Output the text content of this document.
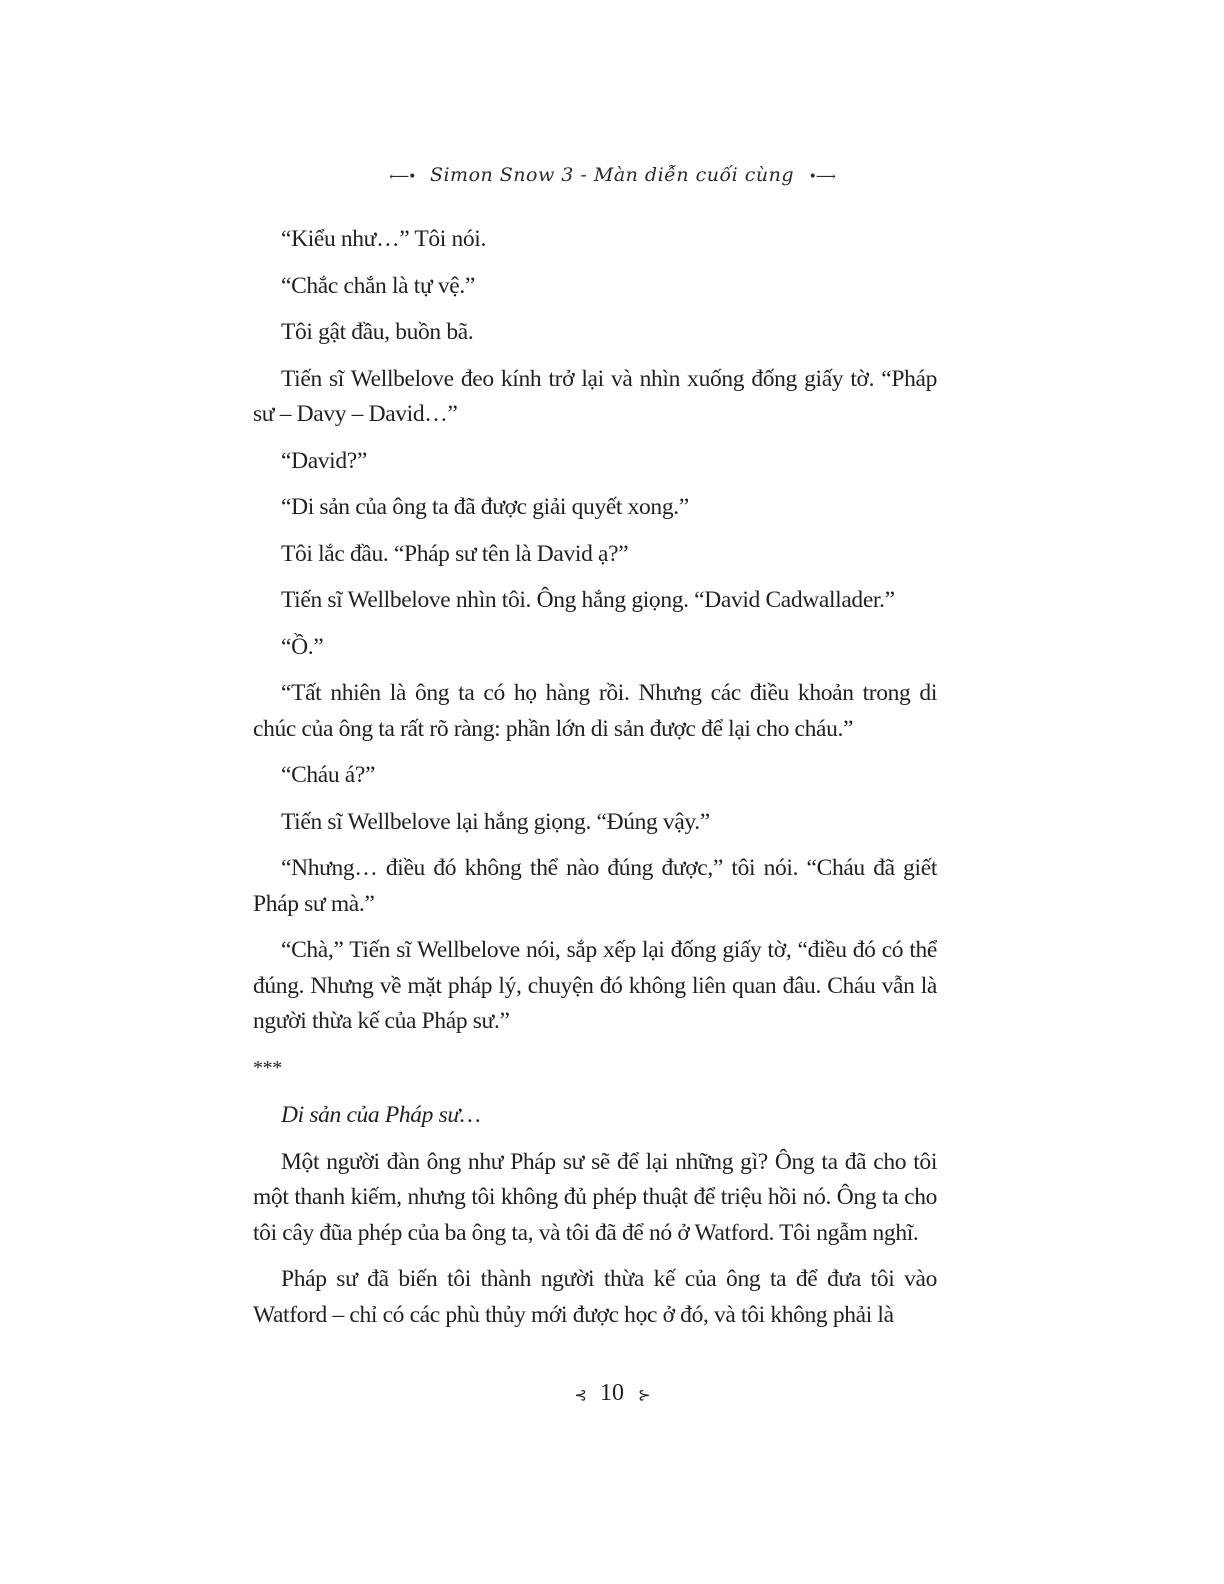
⟵• Simon Snow 3 - Màn diễn cuối cùng •⟶

“Kiểu như…” Tôi nói.

“Chắc chắn là tự vệ.”

Tôi gật đầu, buồn bã.

Tiến sĩ Wellbelove đeo kính trở lại và nhìn xuống đống giấy tờ. “Pháp sư – Davy – David…”

“David?”

“Di sản của ông ta đã được giải quyết xong.”

Tôi lắc đầu. “Pháp sư tên là David ạ?”

Tiến sĩ Wellbelove nhìn tôi. Ông hắng giọng. “David Cadwallader.”

“Ồ.”

“Tất nhiên là ông ta có họ hàng rồi. Nhưng các điều khoản trong di chúc của ông ta rất rõ ràng: phần lớn di sản được để lại cho cháu.”

“Cháu á?”

Tiến sĩ Wellbelove lại hắng giọng. “Đúng vậy.”

“Nhưng… điều đó không thể nào đúng được,” tôi nói. “Cháu đã giết Pháp sư mà.”

“Chà,” Tiến sĩ Wellbelove nói, sắp xếp lại đống giấy tờ, “điều đó có thể đúng. Nhưng về mặt pháp lý, chuyện đó không liên quan đâu. Cháu vẫn là người thừa kế của Pháp sư.”

***

Di sản của Pháp sư…

Một người đàn ông như Pháp sư sẽ để lại những gì? Ông ta đã cho tôi một thanh kiếm, nhưng tôi không đủ phép thuật để triệu hồi nó. Ông ta cho tôi cây đũa phép của ba ông ta, và tôi đã để nó ở Watford. Tôi ngẫm nghĩ.

Pháp sư đã biến tôi thành người thừa kế của ông ta để đưa tôi vào Watford – chỉ có các phù thủy mới được học ở đó, và tôi không phải là

⊰ 10 ⊱
